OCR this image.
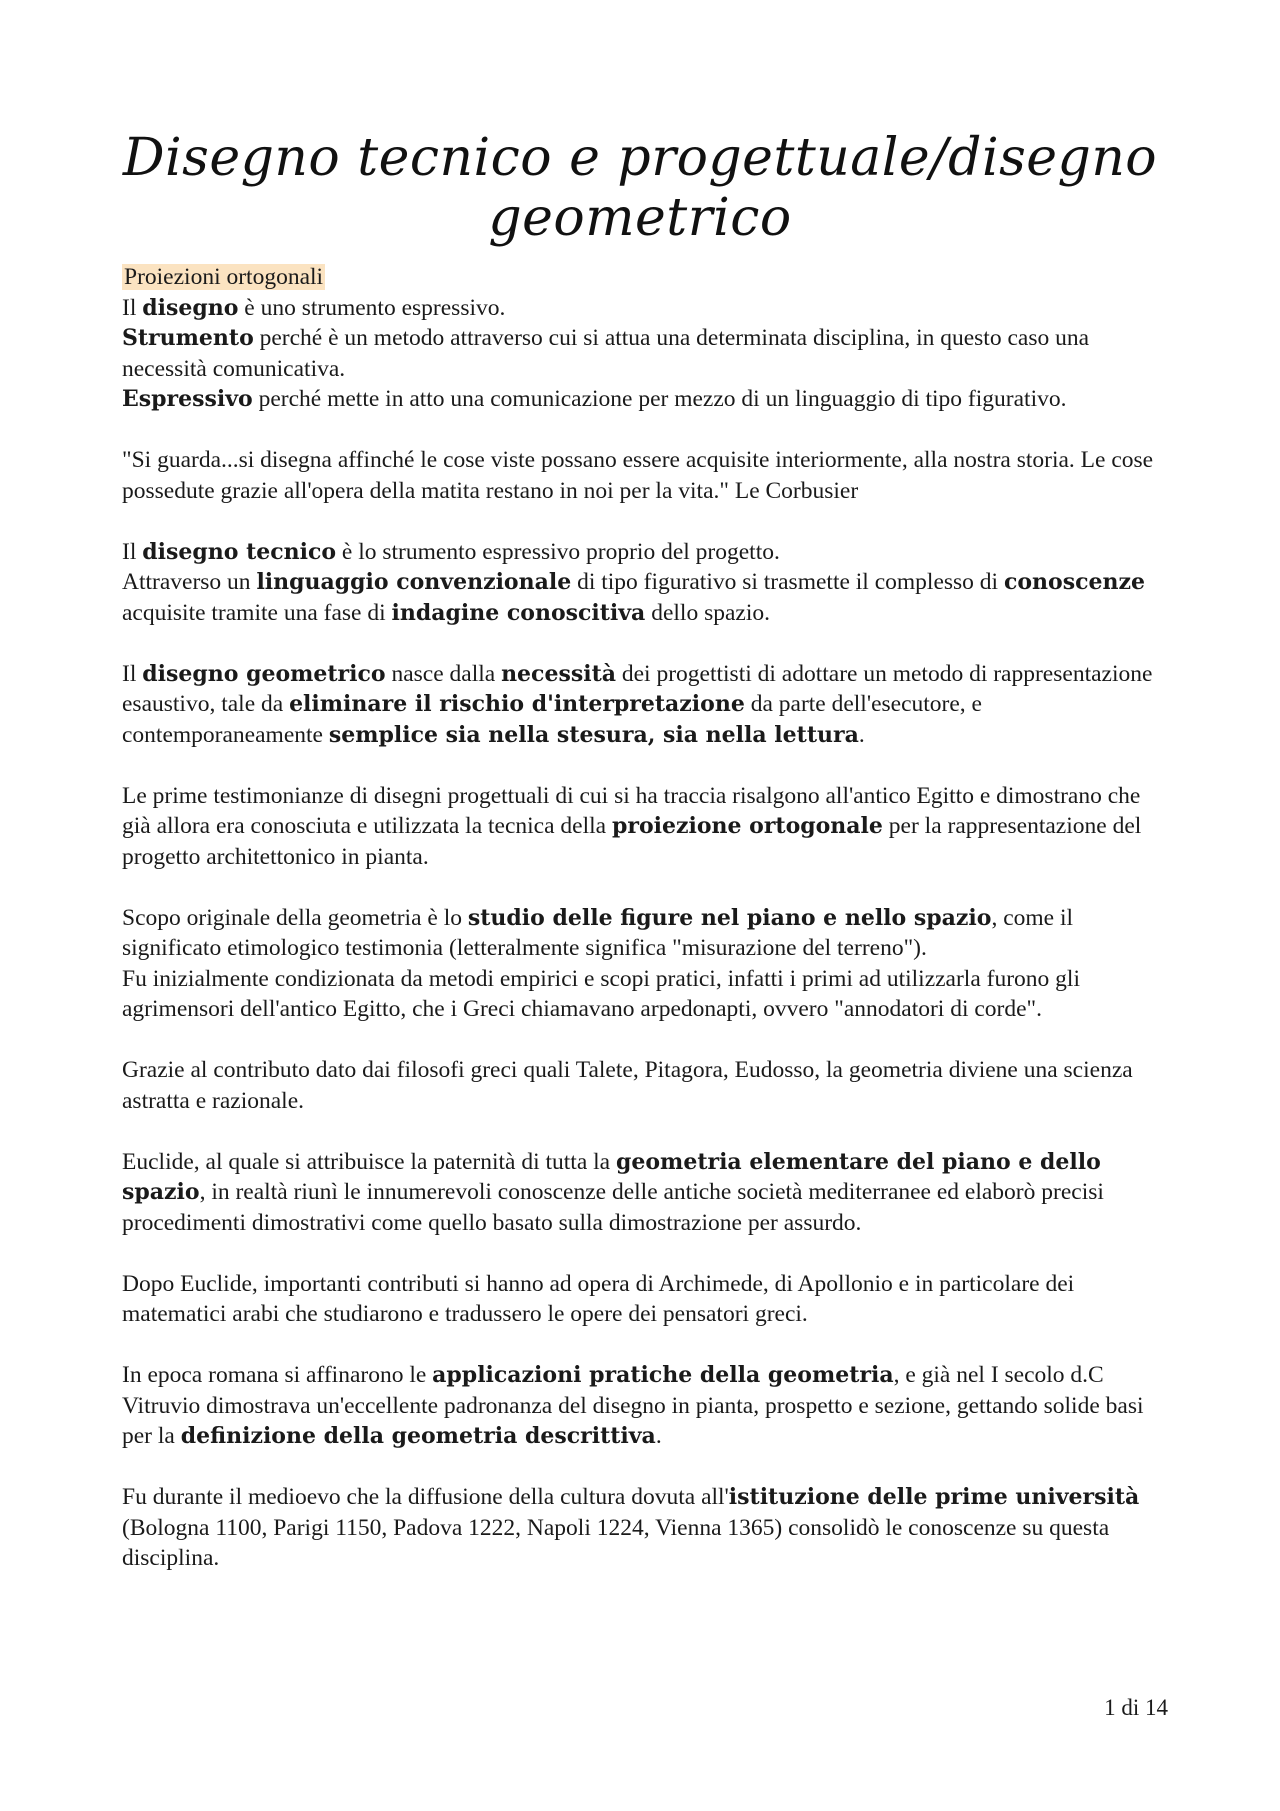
Disegno tecnico e progettuale/disegno geometrico

Proiezioni ortogonali

Il disegno è uno strumento espressivo.

Strumento perché è un metodo attraverso cui si attua una determinata disciplina, in questo caso una necessità comunicativa.

Espressivo perché mette in atto una comunicazione per mezzo di un linguaggio di tipo figurativo.

"Si guarda...si disegna affinché le cose viste possano essere acquisite interiormente, alla nostra storia. Le cose possedute grazie all'opera della matita restano in noi per la vita." Le Corbusier

Il disegno tecnico è lo strumento espressivo proprio del progetto.

Attraverso un linguaggio convenzionale di tipo figurativo si trasmette il complesso di conoscenze acquisite tramite una fase di indagine conoscitiva dello spazio.

Il disegno geometrico nasce dalla necessità dei progettisti di adottare un metodo di rappresentazione esaustivo, tale da eliminare il rischio d'interpretazione da parte dell'esecutore, e contemporaneamente semplice sia nella stesura, sia nella lettura.

Le prime testimonianze di disegni progettuali di cui si ha traccia risalgono all'antico Egitto e dimostrano che già allora era conosciuta e utilizzata la tecnica della proiezione ortogonale per la rappresentazione del progetto architettonico in pianta.

Scopo originale della geometria è lo studio delle figure nel piano e nello spazio, come il significato etimologico testimonia (letteralmente significa "misurazione del terreno").

Fu inizialmente condizionata da metodi empirici e scopi pratici, infatti i primi ad utilizzarla furono gli agrimensori dell'antico Egitto, che i Greci chiamavano arpedonapti, ovvero "annodatori di corde".

Grazie al contributo dato dai filosofi greci quali Talete, Pitagora, Eudosso, la geometria diviene una scienza astratta e razionale.

Euclide, al quale si attribuisce la paternità di tutta la geometria elementare del piano e dello spazio, in realtà riunì le innumerevoli conoscenze delle antiche società mediterranee ed elaborò precisi procedimenti dimostrativi come quello basato sulla dimostrazione per assurdo.

Dopo Euclide, importanti contributi si hanno ad opera di Archimede, di Apollonio e in particolare dei matematici arabi che studiarono e tradussero le opere dei pensatori greci.

In epoca romana si affinarono le applicazioni pratiche della geometria, e già nel I secolo d.C Vitruvio dimostrava un'eccellente padronanza del disegno in pianta, prospetto e sezione, gettando solide basi per la definizione della geometria descrittiva.

Fu durante il medioevo che la diffusione della cultura dovuta all'istituzione delle prime università (Bologna 1100, Parigi 1150, Padova 1222, Napoli 1224, Vienna 1365) consolidò le conoscenze su questa disciplina.

1 di 14
